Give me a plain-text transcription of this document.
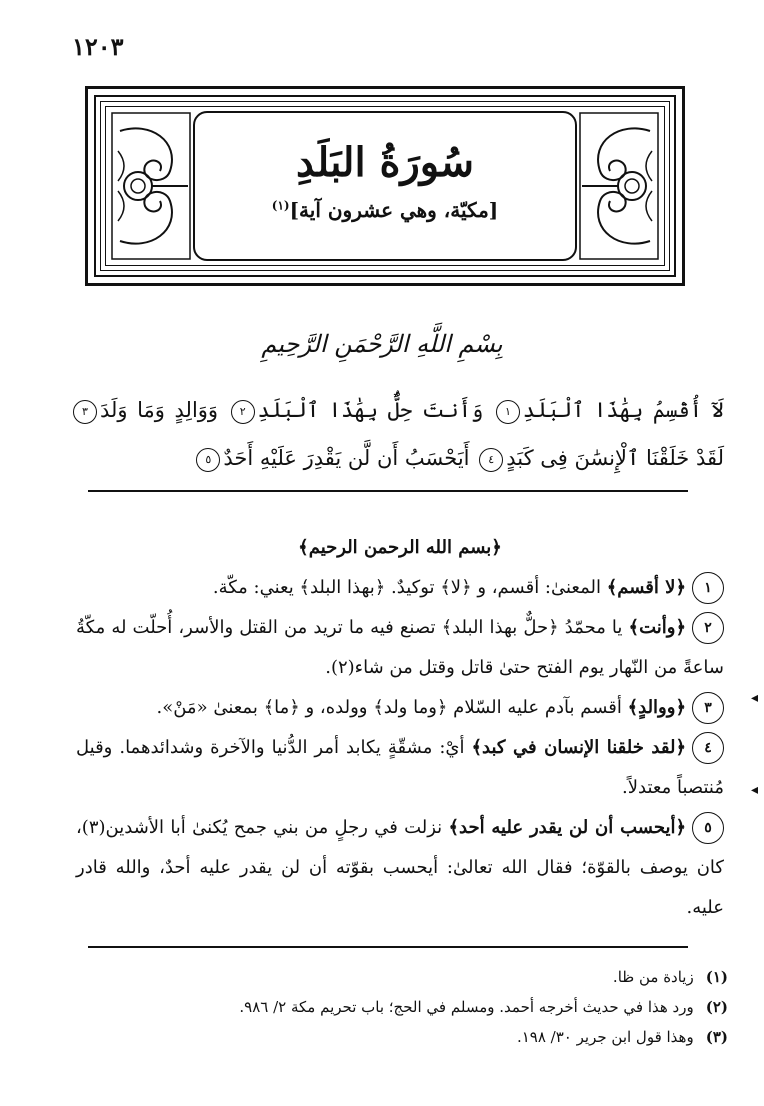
١٢٠٣
سُورَةُ البَلَدِ
[مكيّة، وهي عشرون آية]$^{(١)}$
بِسْمِ اللَّهِ الرَّحْمَنِ الرَّحِيمِ
لَآ أُقْسِمُ بِهَٰذَا ٱلْبَلَدِ١ وَأَنتَ حِلٌّۢ بِهَٰذَا ٱلْبَلَدِ٢ وَوَالِدٍ وَمَا وَلَدَ٣ لَقَدْ خَلَقْنَا ٱلْإِنسَٰنَ فِى كَبَدٍ٤ أَيَحْسَبُ أَن لَّن يَقْدِرَ عَلَيْهِ أَحَدٌ٥
﴿بسم الله الرحمن الرحيم﴾
١﴿لا أقسم﴾ المعنىٰ: أقسم، و ﴿لا﴾ توكيدٌ. ﴿بهذا البلد﴾ يعني: مكّة.
٢﴿وأنت﴾ يا محمّدُ ﴿حلٌّ بهذا البلد﴾ تصنع فيه ما تريد من القتل والأسر، أُحلّت له مكّةُ ساعةً من النّهار يوم الفتح حتىٰ قاتل وقتل من شاء(٢).
٣﴿ووالدٍ﴾ أقسم بآدم عليه السّلام ﴿وما ولد﴾ وولده، و ﴿ما﴾ بمعنىٰ «مَنْ».
٤﴿لقد خلقنا الإنسان في كبد﴾ أيْ: مشقّةٍ يكابد أمر الدُّنيا والآخرة وشدائدهما. وقيل مُنتصباً معتدلاً.
٥﴿أيحسب أن لن يقدر عليه أحد﴾ نزلت في رجلٍ من بني جمح يُكنىٰ أبا الأشدين(٣)، كان يوصف بالقوّة؛ فقال الله تعالىٰ: أيحسب بقوّته أن لن يقدر عليه أحدٌ، والله قادر عليه.
◂
◂
(١)زيادة من ظا.
(٢)ورد هذا في حديث أخرجه أحمد. ومسلم في الحج؛ باب تحريم مكة ٢/ ٩٨٦.
(٣)وهذا قول ابن جرير ٣٠/ ١٩٨.
